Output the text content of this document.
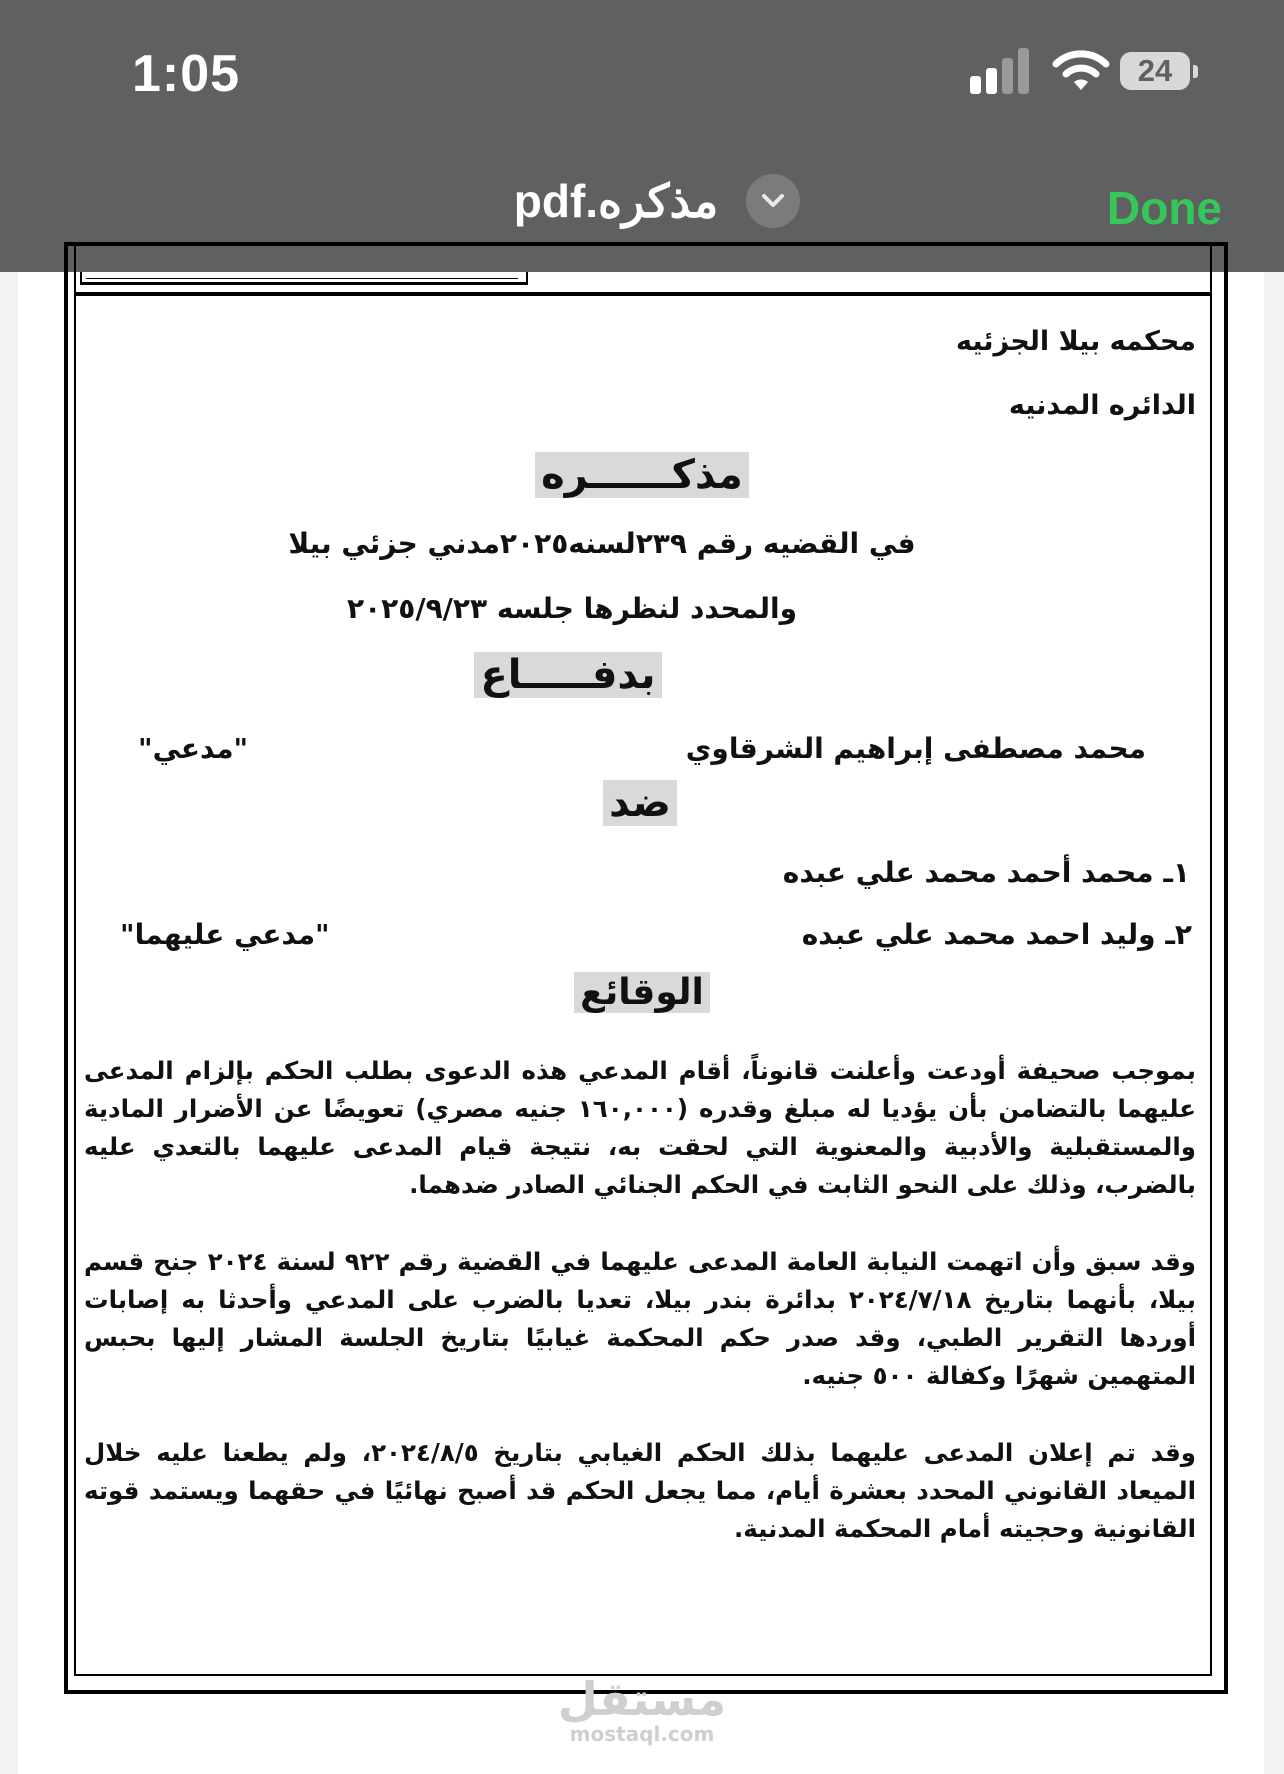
1:05	24
مذكره.pdf	Done
محكمه بيلا الجزئيه
الدائره المدنيه
مذكــــــره
في القضيه رقم ٢٣٩لسنه٢٠٢٥مدني جزئي بيلا
والمحدد لنظرها جلسه ٢٠٢٥/٩/٢٣
بدفـــــاع
محمد مصطفى إبراهيم الشرقاوي
"مدعي"
ضد
١ـ محمد أحمد محمد علي عبده
٢ـ وليد احمد محمد علي عبده
"مدعي عليهما"
الوقائع
بموجب صحيفة أودعت وأعلنت قانوناً، أقام المدعي هذه الدعوى بطلب الحكم بإلزام المدعى عليهما بالتضامن بأن يؤديا له مبلغ وقدره (١٦٠,٠٠٠ جنيه مصري) تعويضًا عن الأضرار المادية والمستقبلية والأدبية والمعنوية التي لحقت به، نتيجة قيام المدعى عليهما بالتعدي عليه بالضرب، وذلك على النحو الثابت في الحكم الجنائي الصادر ضدهما.
وقد سبق وأن اتهمت النيابة العامة المدعى عليهما في القضية رقم ٩٢٢ لسنة ٢٠٢٤ جنح قسم بيلا، بأنهما بتاريخ ٢٠٢٤/٧/١٨ بدائرة بندر بيلا، تعديا بالضرب على المدعي وأحدثا به إصابات أوردها التقرير الطبي، وقد صدر حكم المحكمة غيابيًا بتاريخ الجلسة المشار إليها بحبس المتهمين شهرًا وكفالة ٥٠٠ جنيه.
وقد تم إعلان المدعى عليهما بذلك الحكم الغيابي بتاريخ ٢٠٢٤/٨/٥، ولم يطعنا عليه خلال الميعاد القانوني المحدد بعشرة أيام، مما يجعل الحكم قد أصبح نهائيًا في حقهما ويستمد قوته القانونية وحجيته أمام المحكمة المدنية.
مستقل
mostaql.com
